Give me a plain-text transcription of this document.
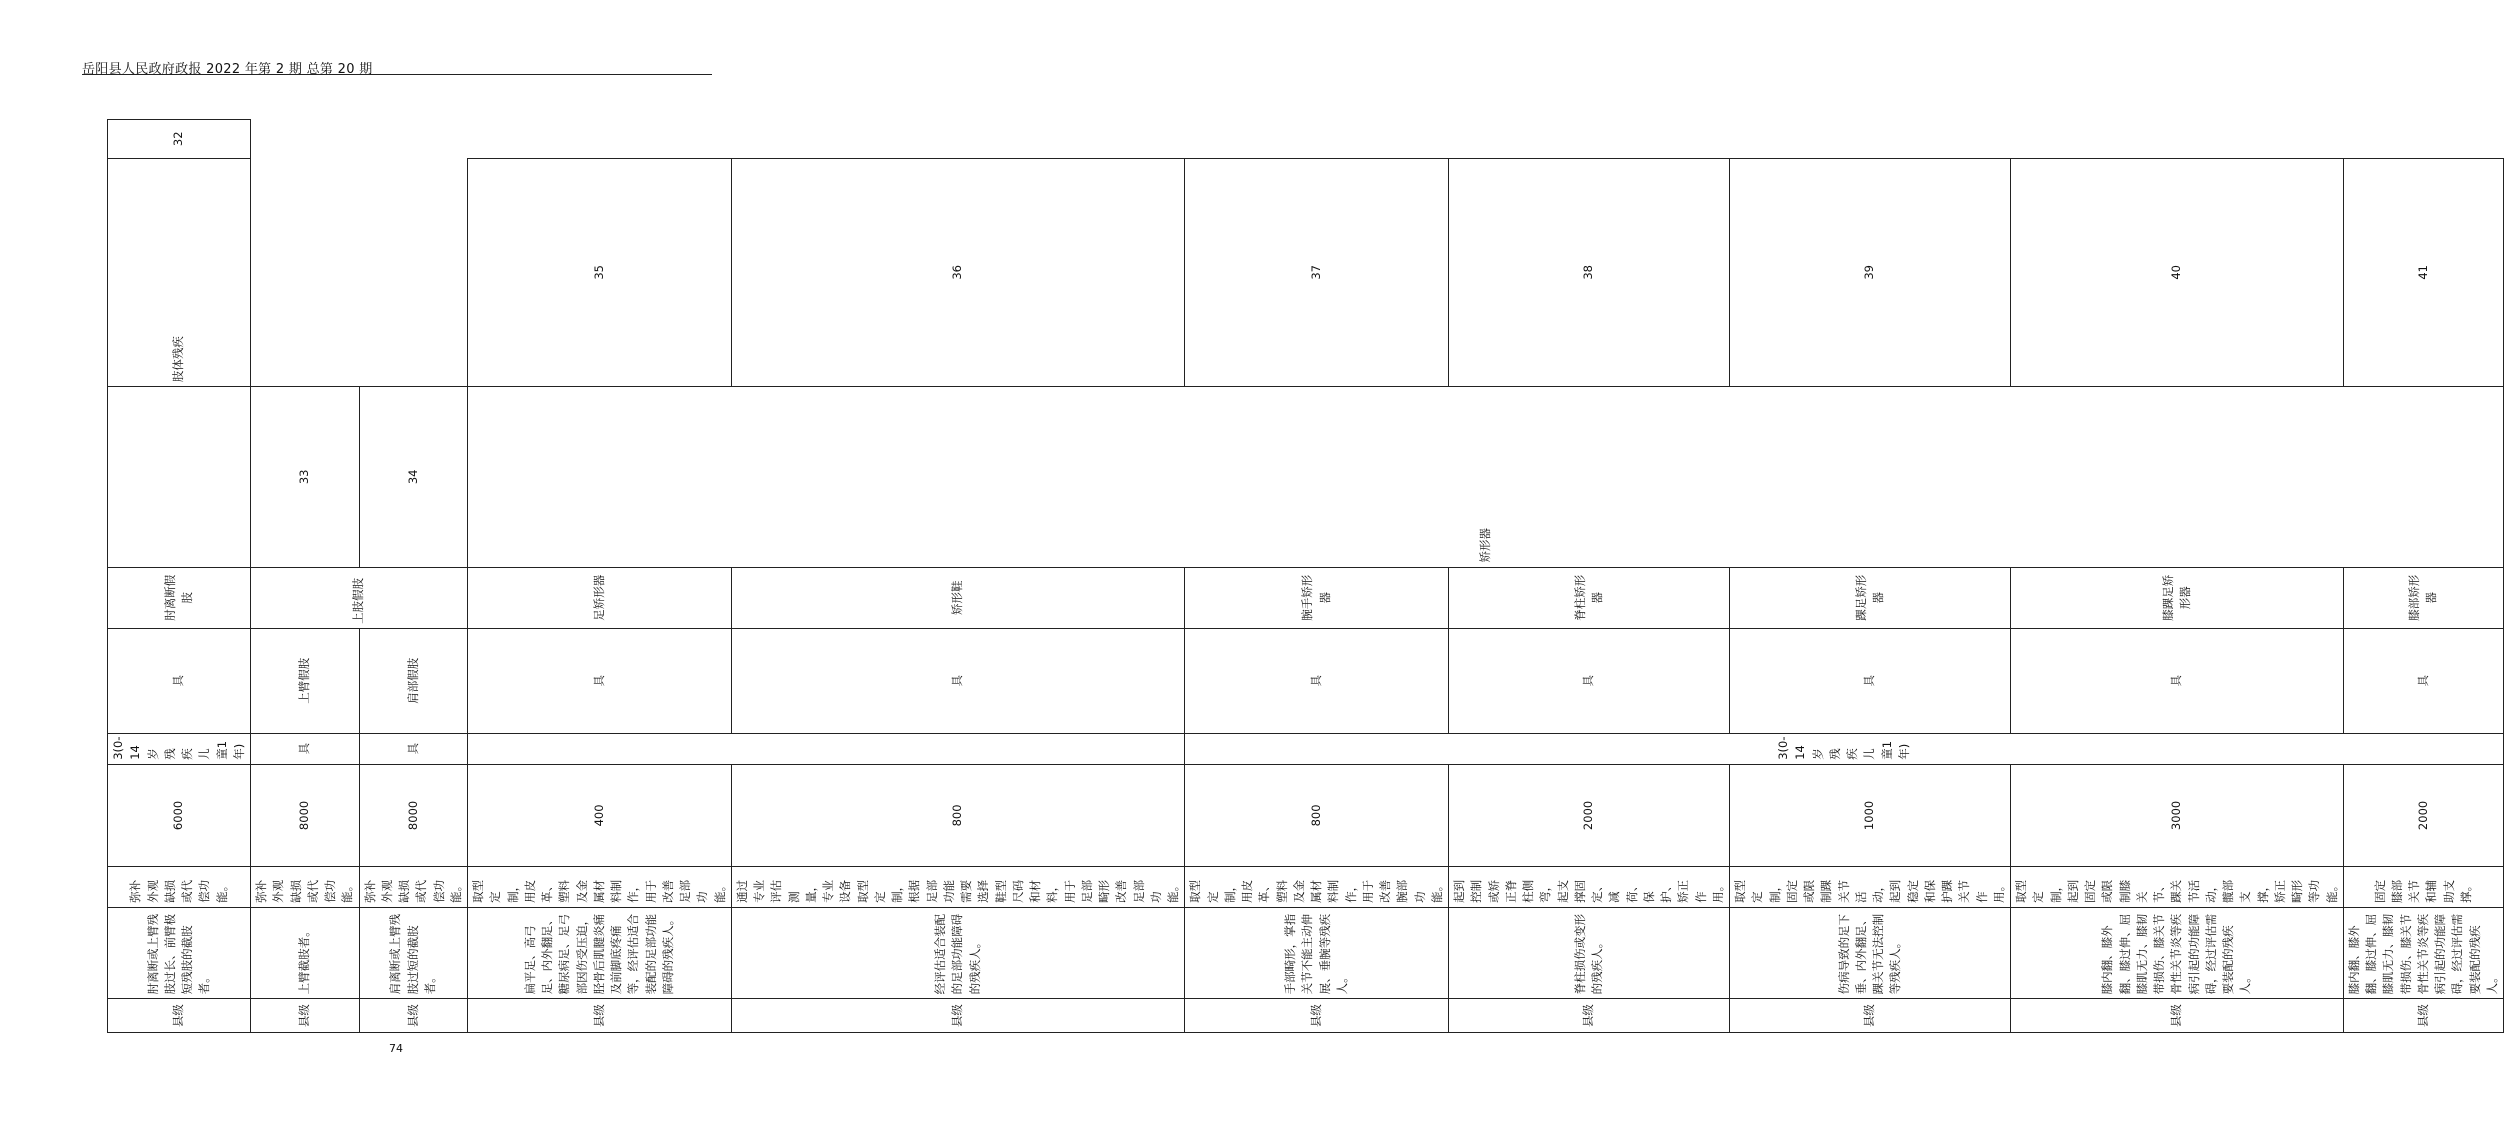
岳阳县人民政府政报 2022 年第 2 期 总第 20 期
县级	肘离断或上臂残肢过长、前臂极短残肢的截肢者。	弥补外观缺损或代偿功能。	6000	3(0-14 岁残疾儿童1年)	具	肘离断假肢		肢体残疾	32
县级	上臂截肢者。	弥补外观缺损或代偿功能。	8000	具	上臂假肢	上肢假肢	33		
县级	肩离断或上臂残肢过短的截肢者。	弥补外观缺损或代偿功能。	8000	具	肩部假肢		34		
县级	扁平足、高弓足、内外翻足、糖尿病足、足弓部因伤受压迫，胫骨后肌腱炎痛及前脚底疼痛等，经评估适合装配的足部功能障碍的残疾人。	取型定制，用皮革、塑料及金属材料制作，用于改善足部功能。	400		具	足矫形器	矫形器	35	
县级	经评估适合装配的足部功能障碍的残疾人。	通过专业评估测量，专业设备取型定制，根据足部功能需要选择鞋型尺码和材料，用于足部畸形改善足部功能。	800		具	矫形鞋		36	
县级	手部畸形，掌指关节不能主动伸展、垂腕等残疾人。	取型定制，用皮革、塑料及金属材料制作，用于改善腕部功能。	800	3(0-14 岁残疾儿童1年)	具	腕手矫形器		37	
县级	脊柱损伤或变形的残疾人。	起到控制或矫正脊柱侧弯，起支撑固定、减荷、保护、矫正作用。	2000		具	脊柱矫形器		38	
县级	伤病导致的足下垂、内外翻足、踝关节无法控制等残疾人。	取型定制，固定或限制踝关节活动，起到稳定和保护踝关节作用。	1000		具	踝足矫形器		39	
县级	膝内翻、膝外翻、膝过伸、屈膝肌无力、膝韧带损伤、膝关节骨性关节炎等疾病引起的功能障碍，经过评估需要装配的残疾人。	取型定制，起到固定或限制膝关节、踝关节活动，髋部支撑，矫正畸形等功能。	3000		具	膝踝足矫形器		40	
县级	膝内翻、膝外翻、膝过伸、屈膝肌无力、膝韧带损伤、膝关节骨性关节炎等疾病引起的功能障碍，经过评估需要装配的残疾人。	固定膝部关节和辅助支撑。	2000		具	膝部矫形器		41	
74
